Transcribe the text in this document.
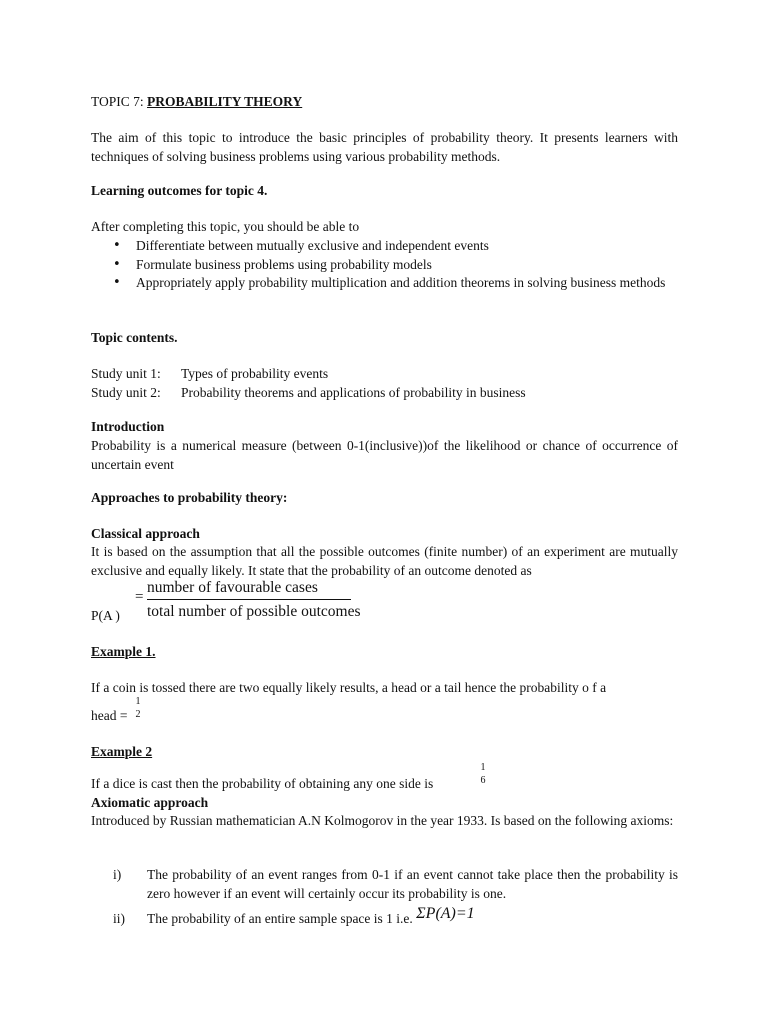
TOPIC 7: PROBABILITY THEORY
The aim of this topic to introduce the basic principles of probability theory. It presents learners with techniques of solving business problems using various probability methods.
Learning outcomes for topic 4.
After completing this topic, you should be able to
• Differentiate between mutually exclusive and independent events
• Formulate business problems using probability models
• Appropriately apply probability multiplication and addition theorems in solving business methods
Topic contents.
Study unit 1:	Types of probability events
Study unit 2:	Probability theorems and applications of probability in business
Introduction
Probability is a numerical measure (between 0-1(inclusive))of the likelihood or chance of occurrence of uncertain event
Approaches to probability theory:
Classical approach
It is based on the assumption that all the possible outcomes (finite number) of an experiment are mutually exclusive and equally likely. It state that the probability of an outcome denoted as
P(A )
=
number of favourable cases
total number of possible outcomes
Example 1.
If a coin is tossed there are two equally likely results, a head or a tail hence the probability o f a
head =
1
2
Example 2
If a dice is cast then the probability of obtaining any one side is
1
6
Axiomatic approach
Introduced by Russian mathematician A.N Kolmogorov in the year 1933. Is based on the following axioms:
i)	The probability of an event ranges from 0-1 if an event cannot take place then the probability is zero however if an event will certainly occur its probability is one.
ii)	The probability of an entire sample space is 1 i.e. ΣP(A)=1
